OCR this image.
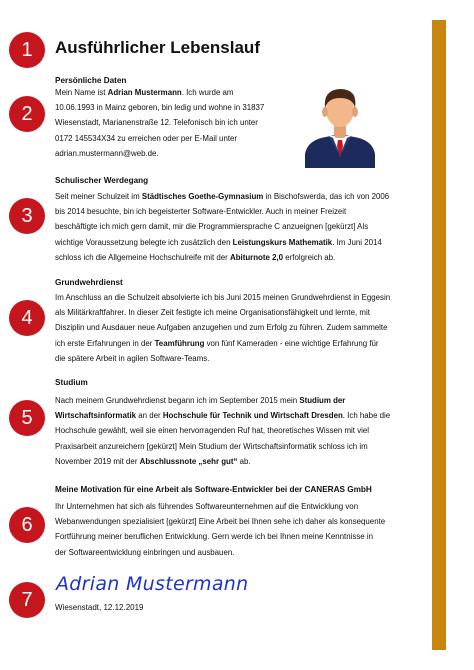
1
2
3
4
5
6
7
Ausführlicher Lebenslauf
Persönliche Daten
Mein Name ist Adrian Mustermann. Ich wurde am
10.06.1993 in Mainz geboren, bin ledig und wohne in 31837
Wiesenstadt, Marianenstraße 12. Telefonisch bin ich unter
0172 145534X34 zu erreichen oder per E-Mail unter
adrian.mustermann@web.de.
Schulischer Werdegang
Seit meiner Schulzeit im Städtisches Goethe-Gymnasium in Bischofswerda, das ich von 2006
bis 2014 besuchte, bin ich begeisterter Software-Entwickler. Auch in meiner Freizeit
beschäftigte ich mich gern damit, mir die Programmiersprache C anzueignen [gekürzt] Als
wichtige Voraussetzung belegte ich zusätzlich den Leistungskurs Mathematik. Im Juni 2014
schloss ich die Allgemeine Hochschulreife mit der Abiturnote 2,0 erfolgreich ab.
Grundwehrdienst
Im Anschluss an die Schulzeit absolvierte ich bis Juni 2015 meinen Grundwehrdienst in Eggesin
als Militärkraftfahrer. In dieser Zeit festigte ich meine Organisationsfähigkeit und lernte, mit
Disziplin und Ausdauer neue Aufgaben anzugehen und zum Erfolg zu führen. Zudem sammelte
ich erste Erfahrungen in der Teamführung von fünf Kameraden - eine wichtige Erfahrung für
die spätere Arbeit in agilen Software-Teams.
Studium
Nach meinem Grundwehrdienst begann ich im September 2015 mein Studium der
Wirtschaftsinformatik an der Hochschule für Technik und Wirtschaft Dresden. Ich habe die
Hochschule gewählt, weil sie einen hervorragenden Ruf hat, theoretisches Wissen mit viel
Praxisarbeit anzureichern [gekürzt] Mein Studium der Wirtschaftsinformatik schloss ich im
November 2019 mit der Abschlussnote „sehr gut“ ab.
Meine Motivation für eine Arbeit als Software-Entwickler bei der CANERAS GmbH
Ihr Unternehmen hat sich als führendes Softwareunternehmen auf die Entwicklung von
Webanwendungen spezialisiert [gekürzt] Eine Arbeit bei Ihnen sehe ich daher als konsequente
Fortführung meiner beruflichen Entwicklung. Gern werde ich bei Ihnen meine Kenntnisse in
der Softwareentwicklung einbringen und ausbauen.
Adrian Mustermann
Wiesenstadt, 12.12.2019
